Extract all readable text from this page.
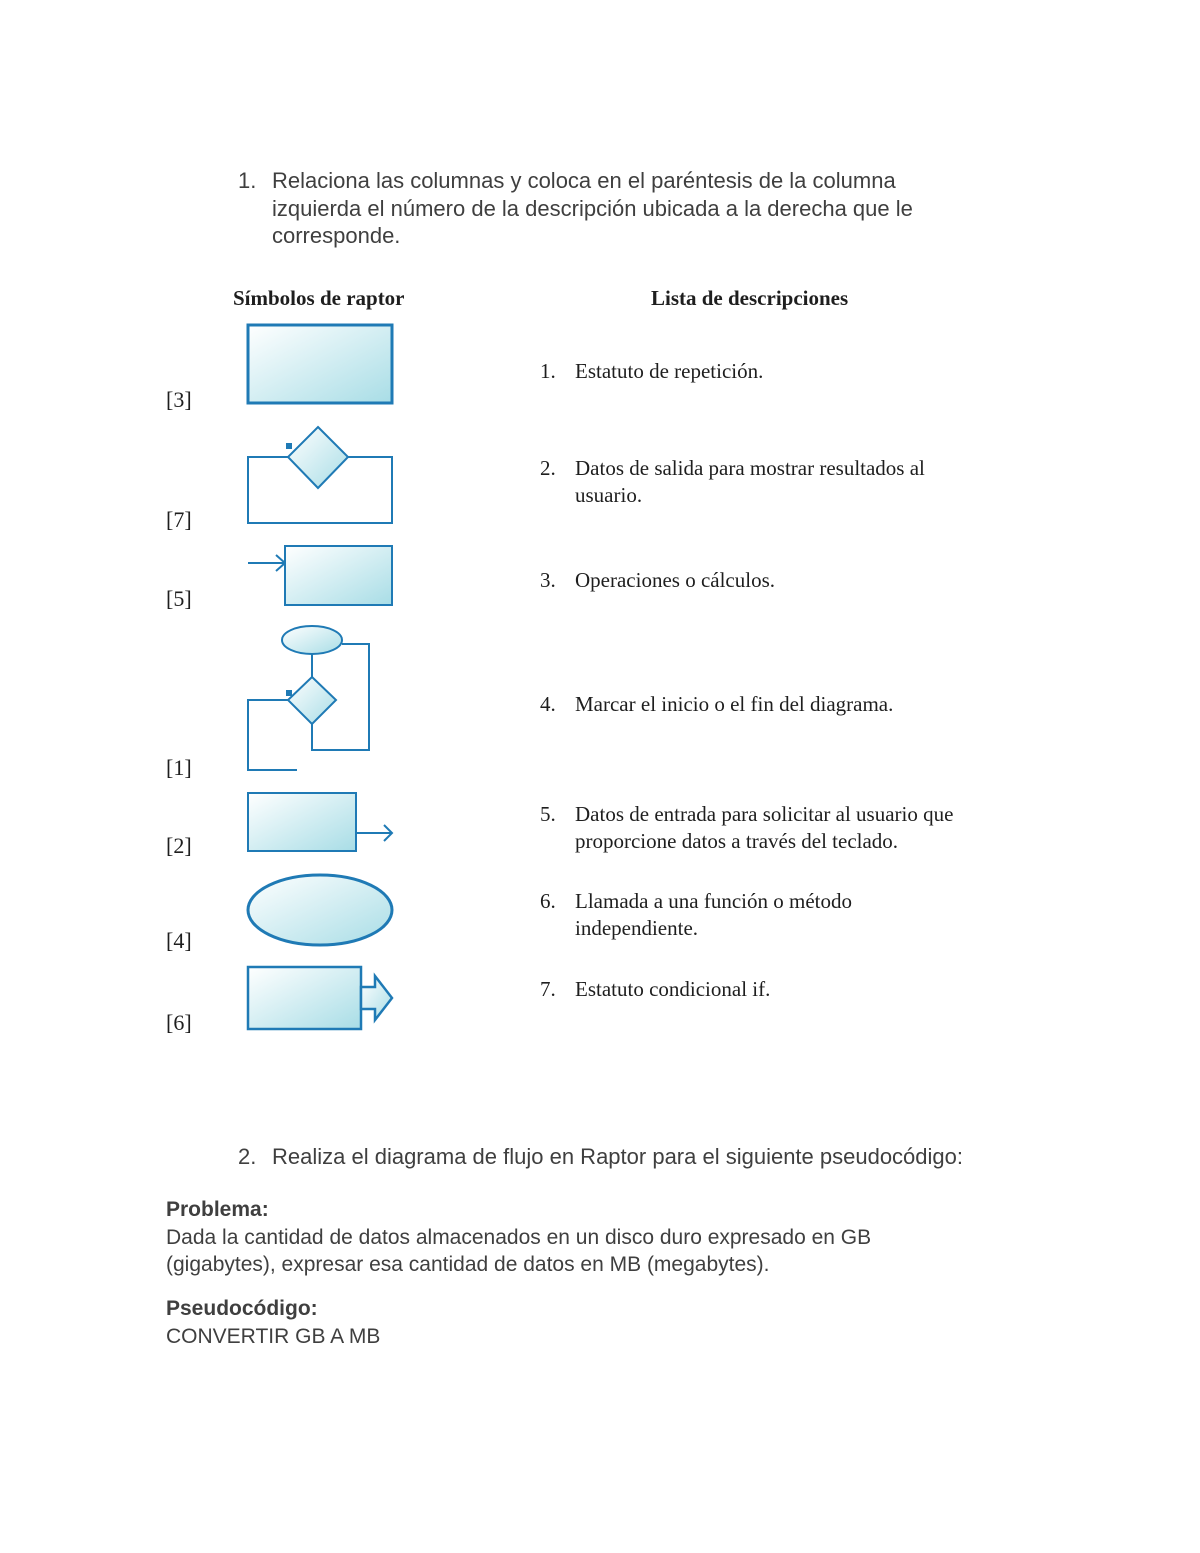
1. Relaciona las columnas y coloca en el paréntesis de la columna
izquierda el número de la descripción ubicada a la derecha que le
corresponde.
Símbolos de raptor	Lista de descripciones
[3]
[7]
[5]
[1]
[2]
[4]
[6]
1. Estatuto de repetición.
2. Datos de salida para mostrar resultados al usuario.
3. Operaciones o cálculos.
4. Marcar el inicio o el fin del diagrama.
5. Datos de entrada para solicitar al usuario que proporcione datos a través del teclado.
6. Llamada a una función o método independiente.
7. Estatuto condicional if.
2. Realiza el diagrama de flujo en Raptor para el siguiente pseudocódigo:
Problema:
Dada la cantidad de datos almacenados en un disco duro expresado en GB
(gigabytes), expresar esa cantidad de datos en MB (megabytes).
Pseudocódigo:
CONVERTIR GB A MB
